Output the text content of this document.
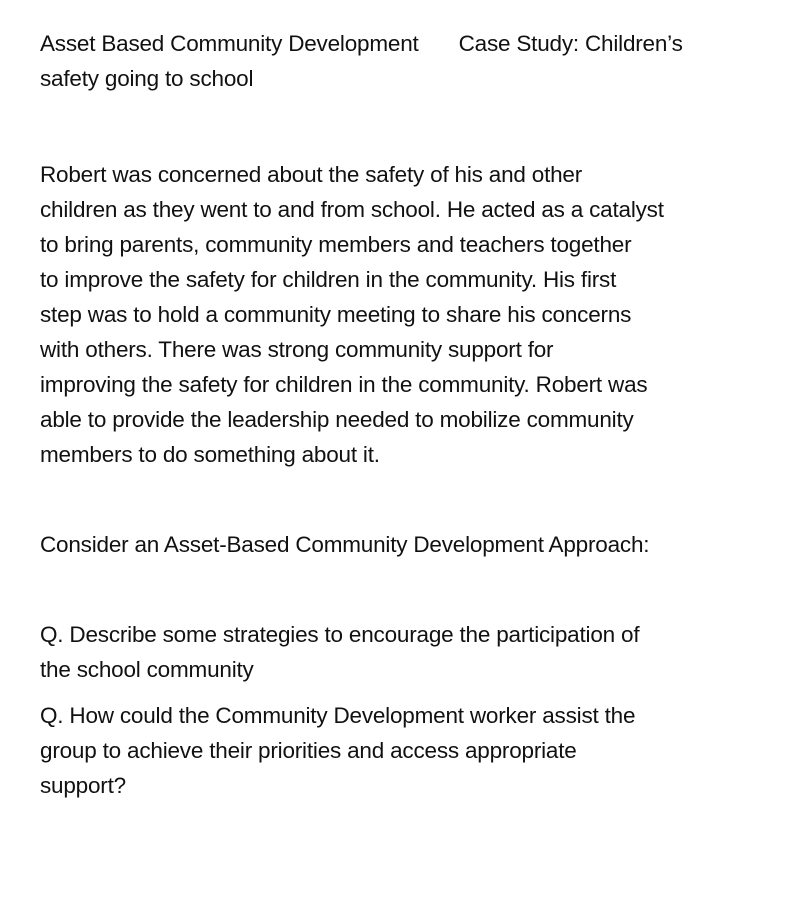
Asset Based Community Development Case Study: Children’s
safety going to school
Robert was concerned about the safety of his and other
children as they went to and from school. He acted as a catalyst
to bring parents, community members and teachers together
to improve the safety for children in the community. His first
step was to hold a community meeting to share his concerns
with others. There was strong community support for
improving the safety for children in the community. Robert was
able to provide the leadership needed to mobilize community
members to do something about it.
Consider an Asset-Based Community Development Approach:
Q. Describe some strategies to encourage the participation of
the school community
Q. How could the Community Development worker assist the
group to achieve their priorities and access appropriate
support?
